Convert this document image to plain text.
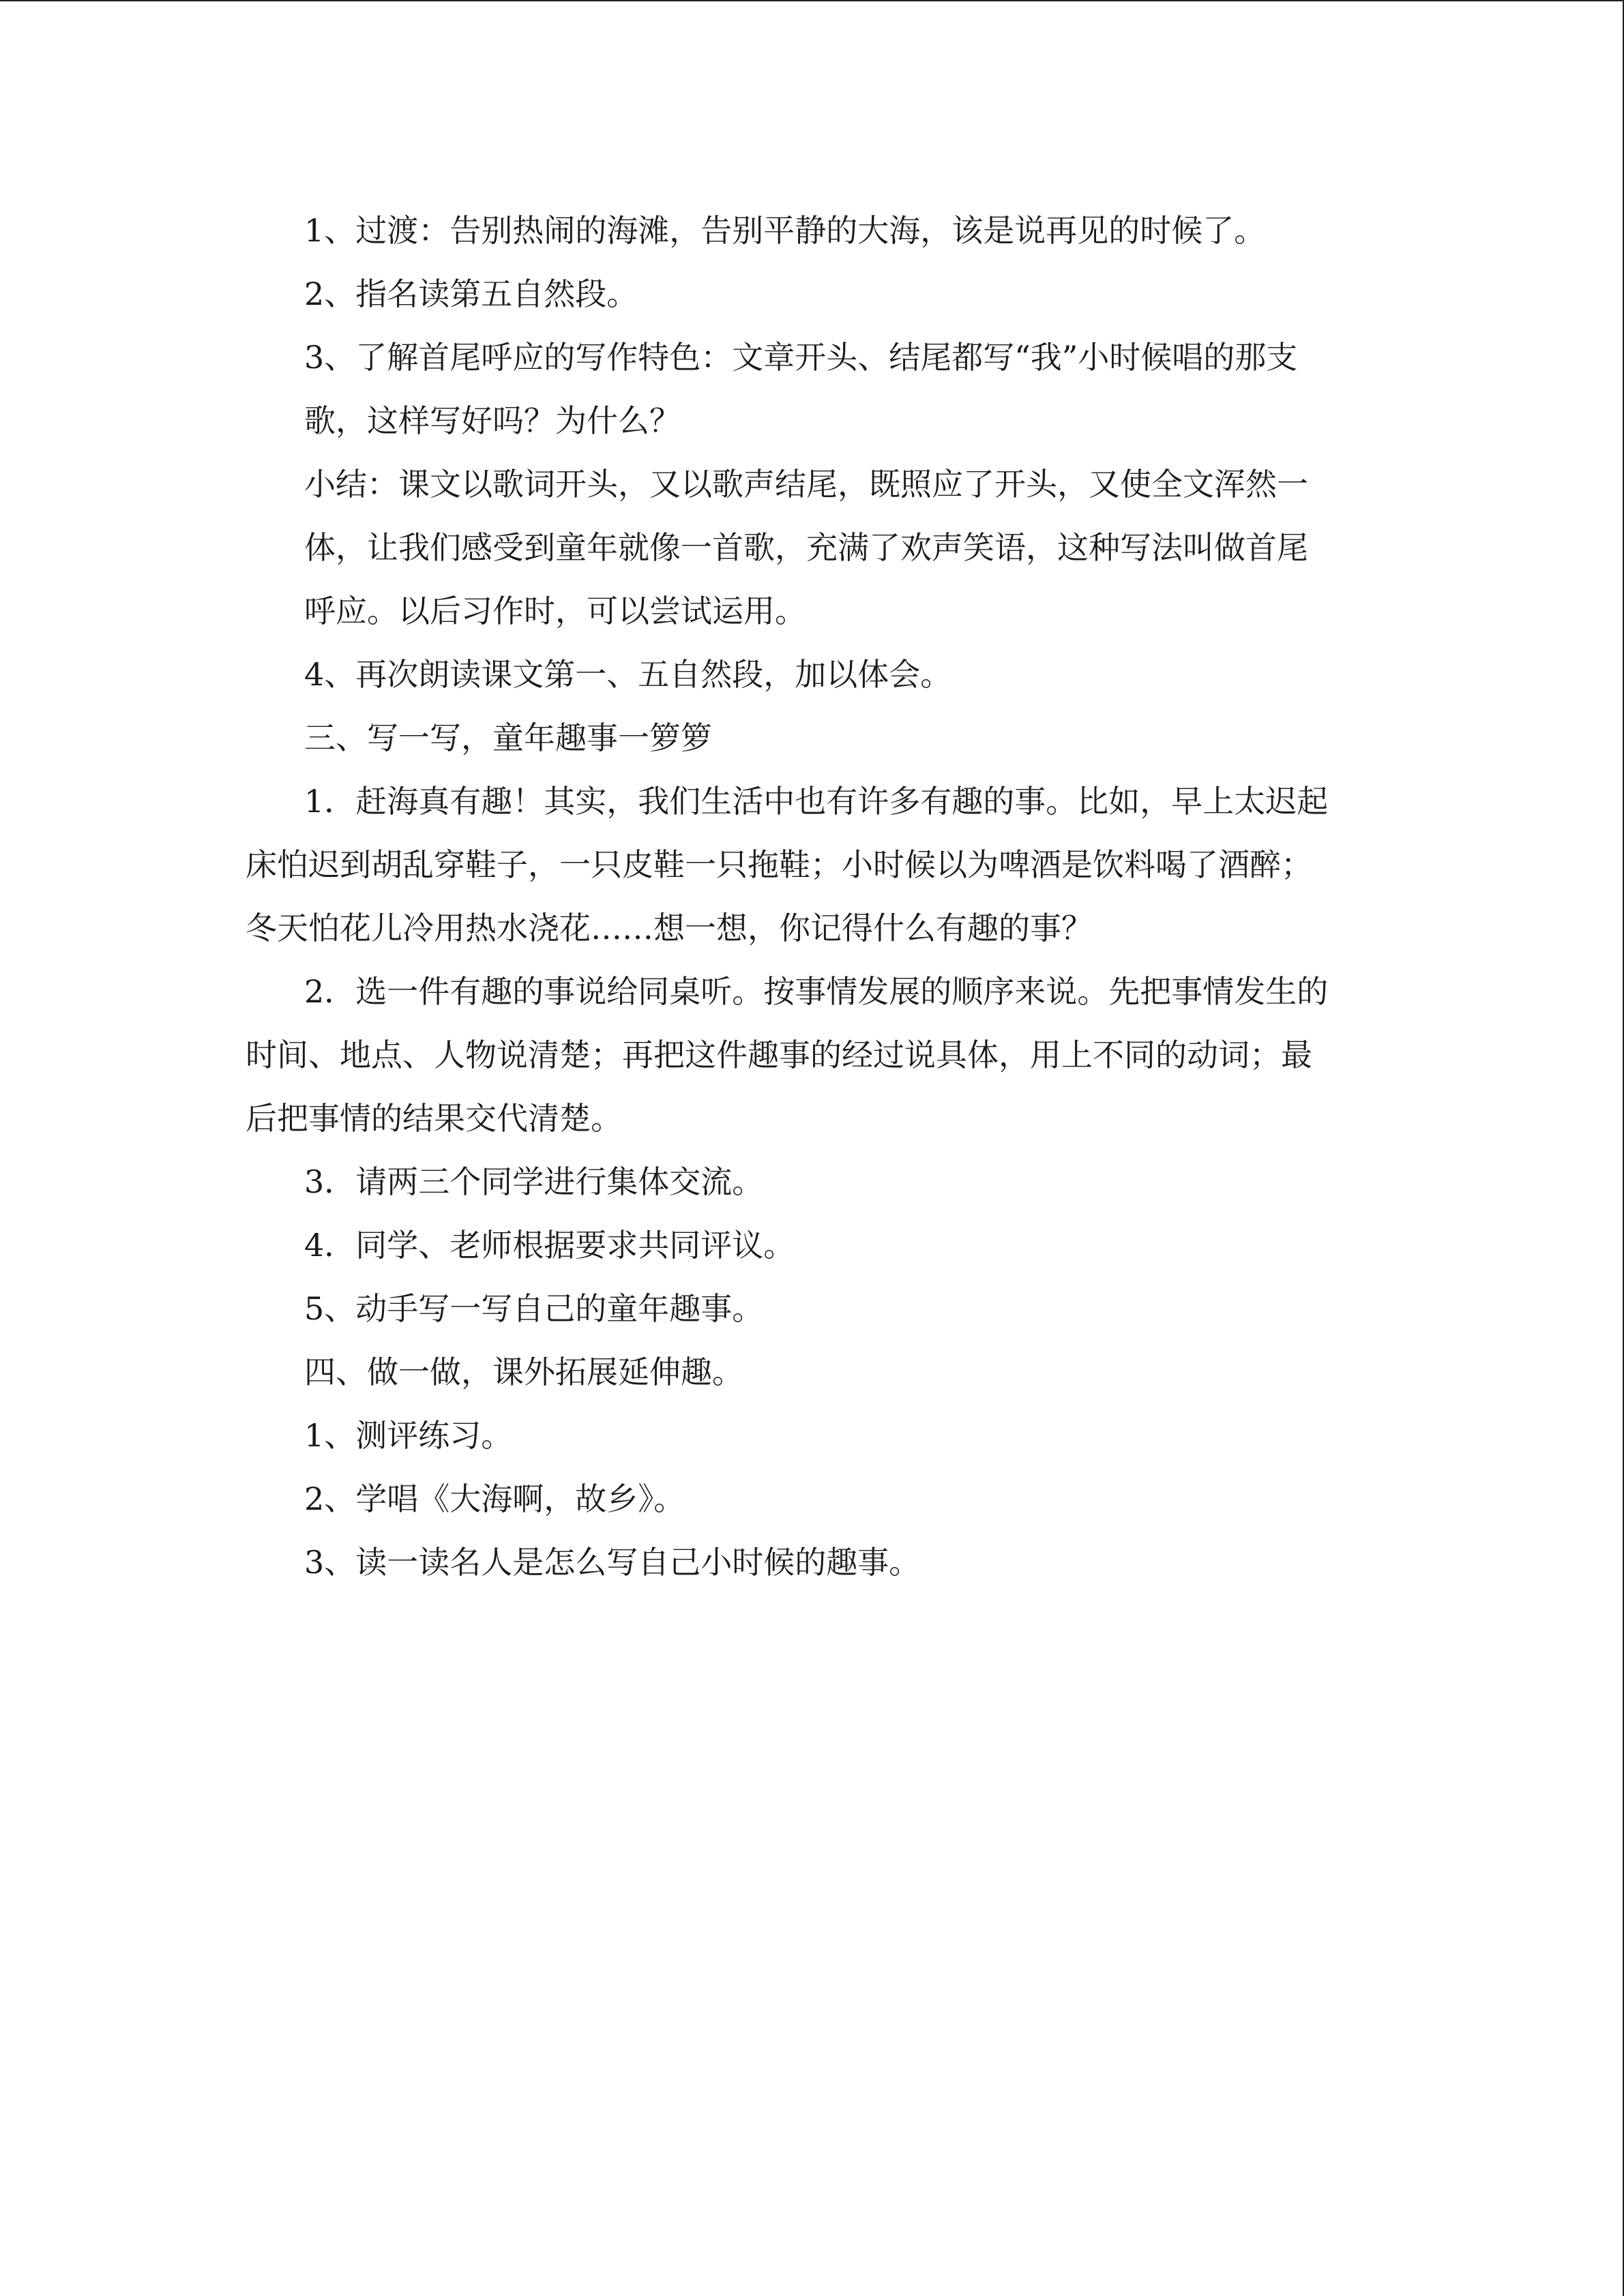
1、过渡：告别热闹的海滩，告别平静的大海，该是说再见的时候了。
2、指名读第五自然段。
3、了解首尾呼应的写作特色：文章开头、结尾都写“我”小时候唱的那支
歌，这样写好吗？为什么？
小结：课文以歌词开头，又以歌声结尾，既照应了开头，又使全文浑然一
体，让我们感受到童年就像一首歌，充满了欢声笑语，这种写法叫做首尾
呼应。以后习作时，可以尝试运用。
4、再次朗读课文第一、五自然段，加以体会。
三、写一写，童年趣事一箩箩
1．赶海真有趣！其实，我们生活中也有许多有趣的事。比如，早上太迟起
床怕迟到胡乱穿鞋子，一只皮鞋一只拖鞋；小时候以为啤酒是饮料喝了酒醉；
冬天怕花儿冷用热水浇花……想一想，你记得什么有趣的事？
2．选一件有趣的事说给同桌听。按事情发展的顺序来说。先把事情发生的
时间、地点、人物说清楚；再把这件趣事的经过说具体，用上不同的动词；最
后把事情的结果交代清楚。
3．请两三个同学进行集体交流。
4．同学、老师根据要求共同评议。
5、动手写一写自己的童年趣事。
四、做一做，课外拓展延伸趣。
1、测评练习。
2、学唱《大海啊，故乡》。
3、读一读名人是怎么写自己小时候的趣事。
